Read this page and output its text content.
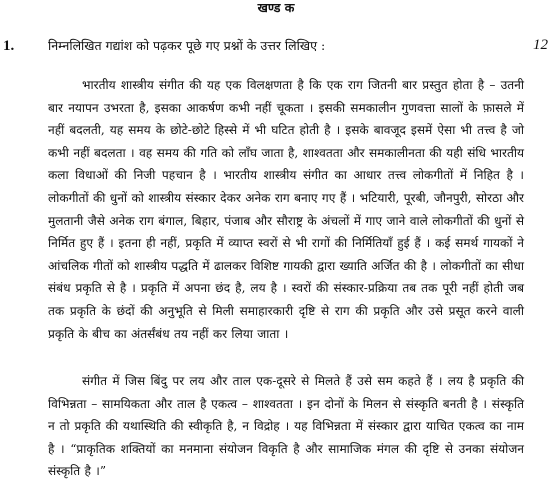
खण्ड क
1.	निम्नलिखित गद्यांश को पढ़कर पूछे गए प्रश्नों के उत्तर लिखिए :	12

भारतीय शास्त्रीय संगीत की यह एक विलक्षणता है कि एक राग जितनी बार प्रस्तुत होता है – उतनी बार नयापन उभरता है, इसका आकर्षण कभी नहीं चूकता । इसकी समकालीन गुणवत्ता सालों के फ़ासले में नहीं बदलती, यह समय के छोटे-छोटे हिस्से में भी घटित होती है । इसके बावजूद इसमें ऐसा भी तत्त्व है जो कभी नहीं बदलता । वह समय की गति को लाँघ जाता है, शाश्वतता और समकालीनता की यही संधि भारतीय कला विधाओं की निजी पहचान है । भारतीय शास्त्रीय संगीत का आधार तत्त्व लोकगीतों में निहित है । लोकगीतों की धुनों को शास्त्रीय संस्कार देकर अनेक राग बनाए गए हैं । भटियारी, पूरबी, जौनपुरी, सोरठा और मुलतानी जैसे अनेक राग बंगाल, बिहार, पंजाब और सौराष्ट्र के अंचलों में गाए जाने वाले लोकगीतों की धुनों से निर्मित हुए हैं । इतना ही नहीं, प्रकृति में व्याप्त स्वरों से भी रागों की निर्मितियाँ हुई हैं । कई समर्थ गायकों ने आंचलिक गीतों को शास्त्रीय पद्धति में ढालकर विशिष्ट गायकी द्वारा ख्याति अर्जित की है । लोकगीतों का सीधा संबंध प्रकृति से है । प्रकृति में अपना छंद है, लय है । स्वरों की संस्कार-प्रक्रिया तब तक पूरी नहीं होती जब तक प्रकृति के छंदों की अनुभूति से मिली समाहारकारी दृष्टि से राग की प्रकृति और उसे प्रसूत करने वाली प्रकृति के बीच का अंतर्संबंध तय नहीं कर लिया जाता ।

संगीत में जिस बिंदु पर लय और ताल एक-दूसरे से मिलते हैं उसे सम कहते हैं । लय है प्रकृति की विभिन्नता – सामयिकता और ताल है एकत्व – शाश्वतता । इन दोनों के मिलन से संस्कृति बनती है । संस्कृति न तो प्रकृति की यथास्थिति की स्वीकृति है, न विद्रोह । यह विभिन्नता में संस्कार द्वारा याचित एकत्व का नाम है । “प्राकृतिक शक्तियों का मनमाना संयोजन विकृति है और सामाजिक मंगल की दृष्टि से उनका संयोजन संस्कृति है ।”
